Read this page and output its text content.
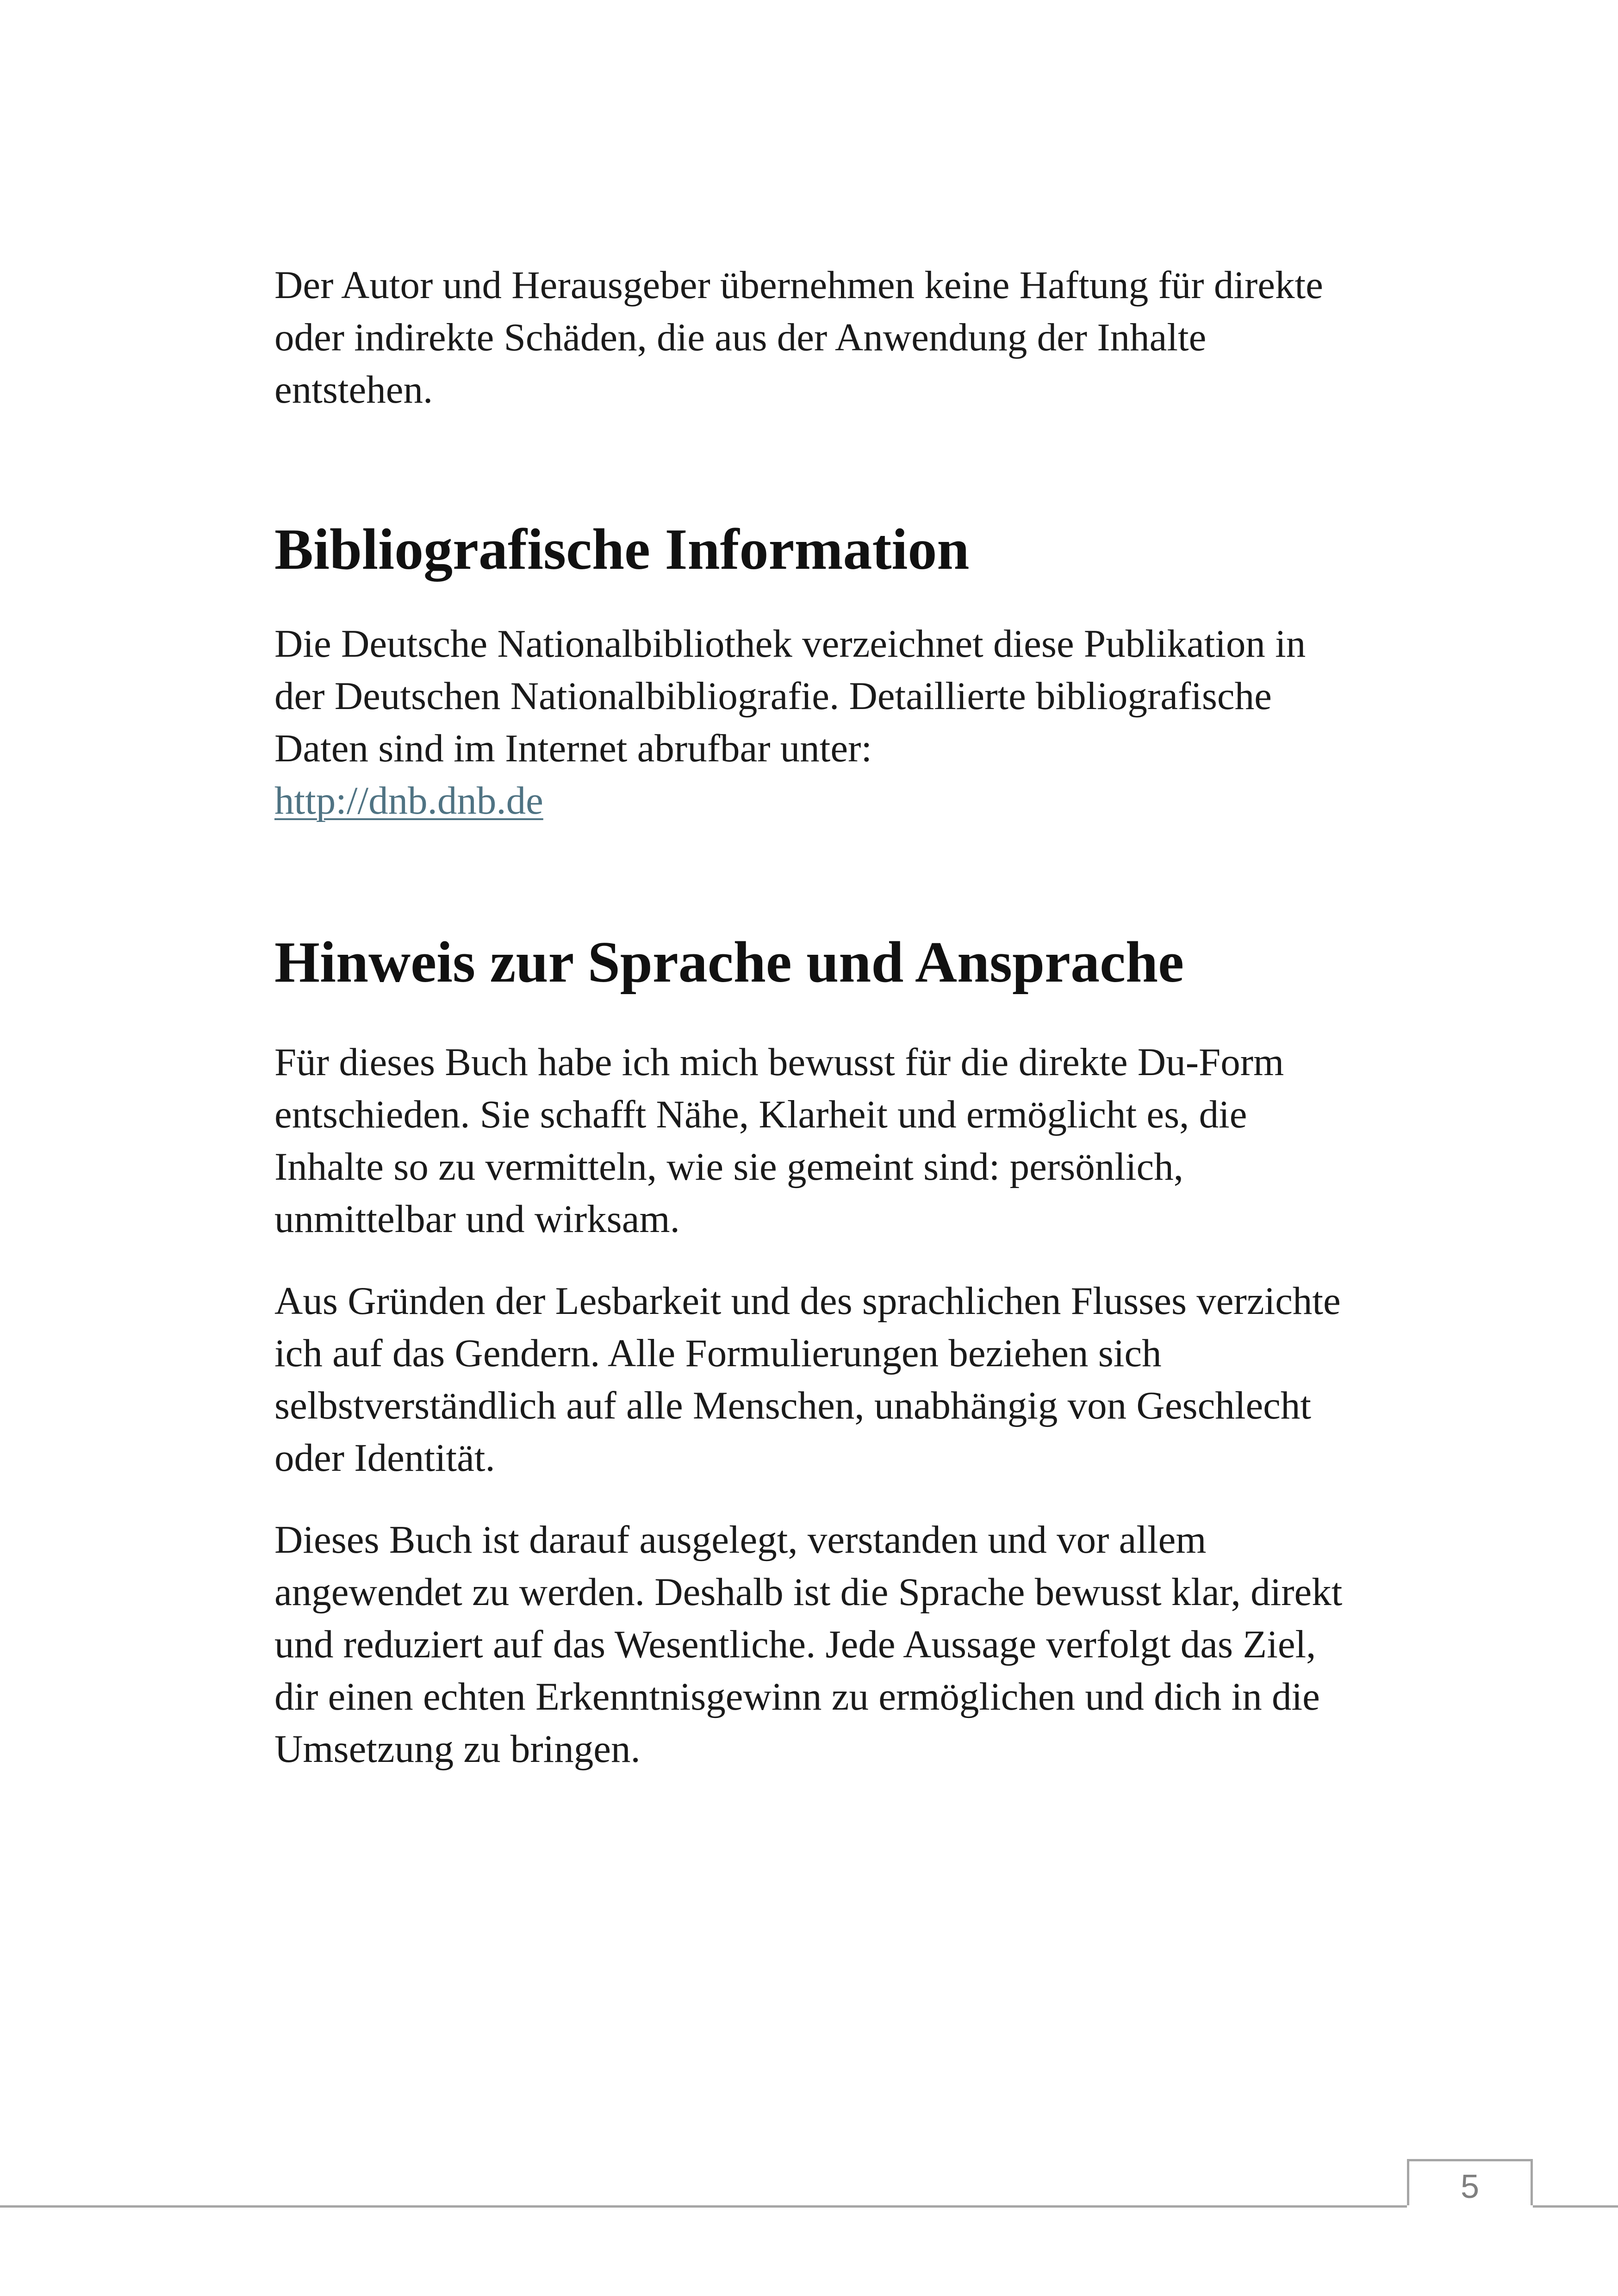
Der Autor und Herausgeber übernehmen keine Haftung für direkte oder indirekte Schäden, die aus der Anwendung der Inhalte entstehen.

Bibliografische Information

Die Deutsche Nationalbibliothek verzeichnet diese Publikation in der Deutschen Nationalbibliografie. Detaillierte bibliografische Daten sind im Internet abrufbar unter:
http://dnb.dnb.de

Hinweis zur Sprache und Ansprache

Für dieses Buch habe ich mich bewusst für die direkte Du-Form entschieden. Sie schafft Nähe, Klarheit und ermöglicht es, die Inhalte so zu vermitteln, wie sie gemeint sind: persönlich, unmittelbar und wirksam.

Aus Gründen der Lesbarkeit und des sprachlichen Flusses verzichte ich auf das Gendern. Alle Formulierungen beziehen sich selbstverständlich auf alle Menschen, unabhängig von Geschlecht oder Identität.

Dieses Buch ist darauf ausgelegt, verstanden und vor allem angewendet zu werden. Deshalb ist die Sprache bewusst klar, direkt und reduziert auf das Wesentliche. Jede Aussage verfolgt das Ziel, dir einen echten Erkenntnisgewinn zu ermöglichen und dich in die Umsetzung zu bringen.

5
